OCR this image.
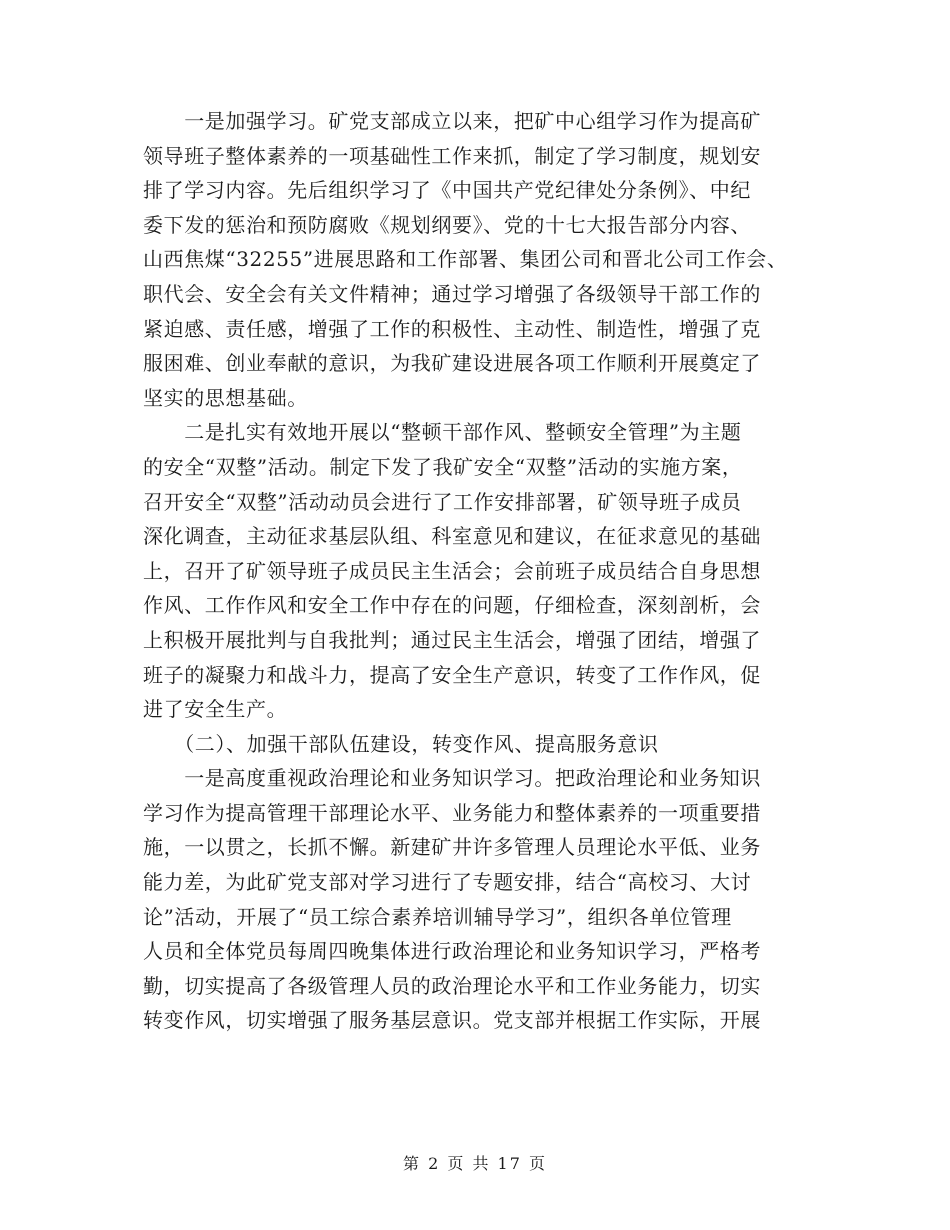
　　一是加强学习。矿党支部成立以来，把矿中心组学习作为提高矿
领导班子整体素养的一项基础性工作来抓，制定了学习制度，规划安
排了学习内容。先后组织学习了《中国共产党纪律处分条例》、中纪
委下发的惩治和预防腐败《规划纲要》、党的十七大报告部分内容、
山西焦煤“32255”进展思路和工作部署、集团公司和晋北公司工作会、
职代会、安全会有关文件精神；通过学习增强了各级领导干部工作的
紧迫感、责任感，增强了工作的积极性、主动性、制造性，增强了克
服困难、创业奉献的意识，为我矿建设进展各项工作顺利开展奠定了
坚实的思想基础。
　　二是扎实有效地开展以“整顿干部作风、整顿安全管理”为主题
的安全“双整”活动。制定下发了我矿安全“双整”活动的实施方案，
召开安全“双整”活动动员会进行了工作安排部署，矿领导班子成员
深化调查，主动征求基层队组、科室意见和建议，在征求意见的基础
上，召开了矿领导班子成员民主生活会；会前班子成员结合自身思想
作风、工作作风和安全工作中存在的问题，仔细检查，深刻剖析，会
上积极开展批判与自我批判；通过民主生活会，增强了团结，增强了
班子的凝聚力和战斗力，提高了安全生产意识，转变了工作作风，促
进了安全生产。
　　（二）、加强干部队伍建设，转变作风、提高服务意识
　　一是高度重视政治理论和业务知识学习。把政治理论和业务知识
学习作为提高管理干部理论水平、业务能力和整体素养的一项重要措
施，一以贯之，长抓不懈。新建矿井许多管理人员理论水平低、业务
能力差，为此矿党支部对学习进行了专题安排，结合“高校习、大讨
论”活动，开展了“员工综合素养培训辅导学习”，组织各单位管理
人员和全体党员每周四晚集体进行政治理论和业务知识学习，严格考
勤，切实提高了各级管理人员的政治理论水平和工作业务能力，切实
转变作风，切实增强了服务基层意识。党支部并根据工作实际，开展
第 2 页 共 17 页
